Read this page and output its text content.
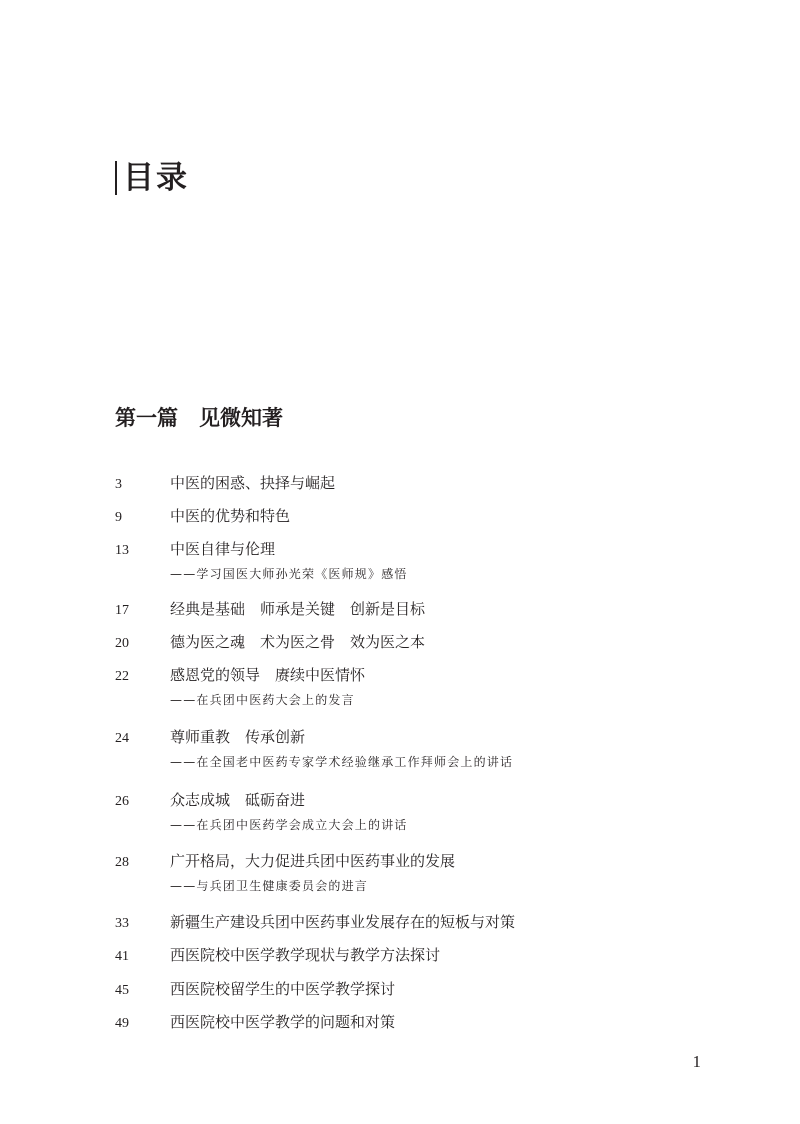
目录
第一篇　见微知著
3	中医的困惑、抉择与崛起
9	中医的优势和特色
13	中医自律与伦理
——学习国医大师孙光荣《医师规》感悟
17	经典是基础　师承是关键　创新是目标
20	德为医之魂　术为医之骨　效为医之本
22	感恩党的领导　赓续中医情怀
——在兵团中医药大会上的发言
24	尊师重教　传承创新
——在全国老中医药专家学术经验继承工作拜师会上的讲话
26	众志成城　砥砺奋进
——在兵团中医药学会成立大会上的讲话
28	广开格局，大力促进兵团中医药事业的发展
——与兵团卫生健康委员会的进言
33	新疆生产建设兵团中医药事业发展存在的短板与对策
41	西医院校中医学教学现状与教学方法探讨
45	西医院校留学生的中医学教学探讨
49	西医院校中医学教学的问题和对策
1
